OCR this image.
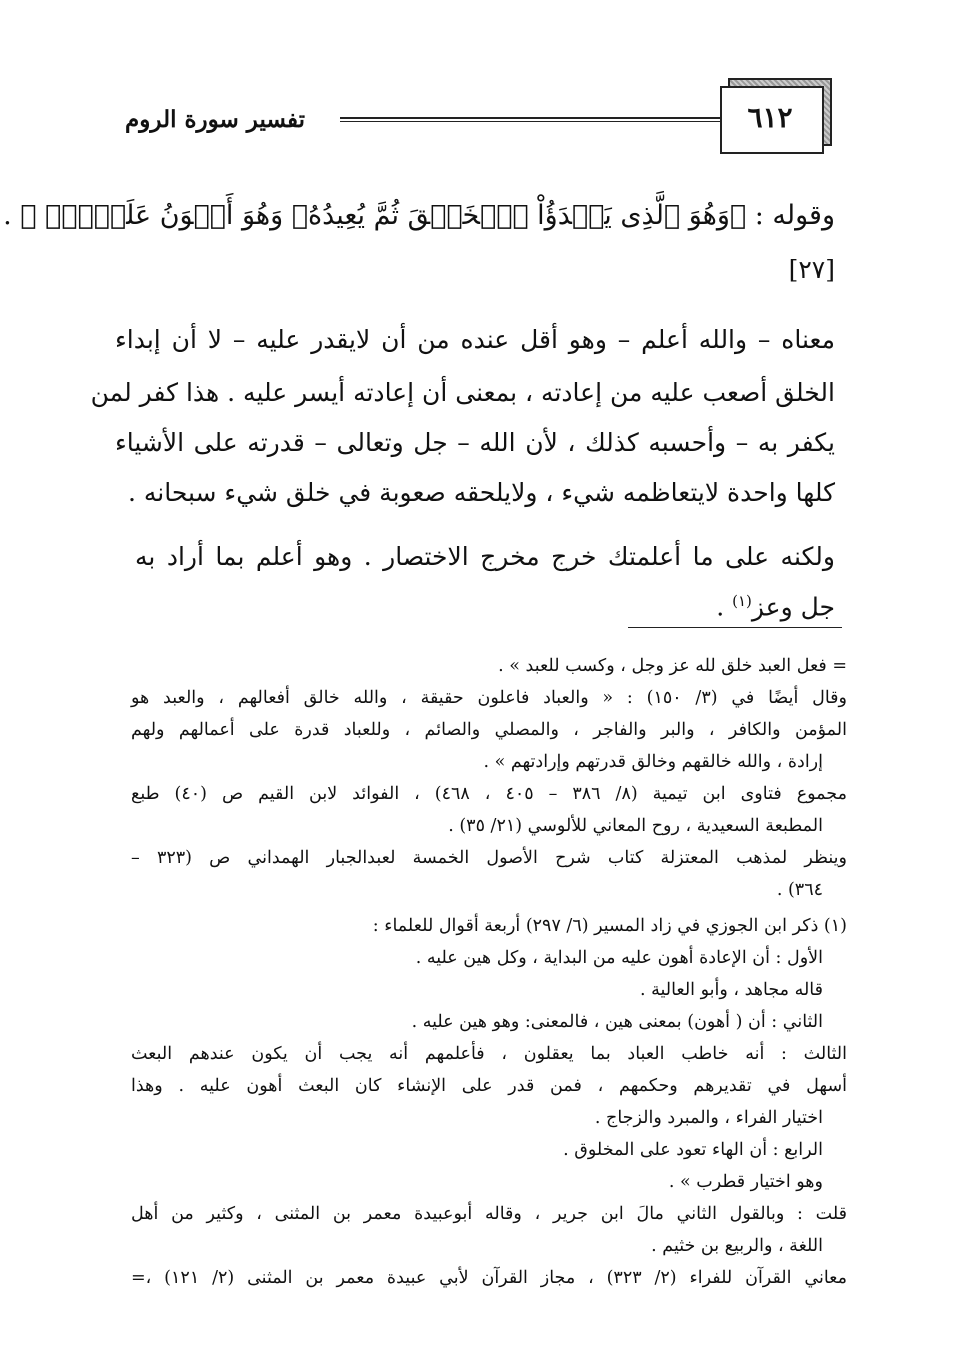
٦١٢
تفسير سورة الروم
وقوله : ﴿وَهُوَ ٱلَّذِى يَبۡدَؤُاْ ٱلۡخَلۡقَ ثُمَّ يُعِيدُهُۥ وَهُوَ أَهۡوَنُ عَلَيۡهِۚ ﴾ .
[٢٧]
معناه – والله أعلم – وهو أقل عنده من أن لايقدر عليه – لا أن إبداء
الخلق أصعب عليه من إعادته ، بمعنى أن إعادته أيسر عليه . هذا كفر لمن
يكفر به – وأحسبه كذلك ، لأن الله – جل وتعالى – قدرته على الأشياء
كلها واحدة لايتعاظمه شيء ، ولايلحقه صعوبة في خلق شيء سبحانه .
ولكنه على ما أعلمتك خرج مخرج الاختصار . وهو أعلم بما أراد به
جل وعز$^{(١)}$ .
= فعل العبد خلق لله عز وجل ، وكسب للعبد » .
وقال أيضًا في (٣/ ١٥٠) : « والعباد فاعلون حقيقة ، والله خالق أفعالهم ، والعبد هو
المؤمن والكافر ، والبر والفاجر ، والمصلي والصائم ، وللعباد قدرة على أعمالهم ولهم
إرادة ، والله خالقهم وخالق قدرتهم وإرادتهم » .
مجموع فتاوى ابن تيمية (٨/ ٣٨٦ – ٤٠٥ ، ٤٦٨) ، الفوائد لابن القيم ص (٤٠) طبع
المطبعة السعيدية ، روح المعاني للألوسي (٢١/ ٣٥) .
وينظر لمذهب المعتزلة كتاب شرح الأصول الخمسة لعبدالجبار الهمداني ص (٣٢٣ –
٣٦٤) .
(١) ذكر ابن الجوزي في زاد المسير (٦/ ٢٩٧) أربعة أقوال للعلماء :
الأول : أن الإعادة أهون عليه من البداية ، وكل هين عليه .
قاله مجاهد ، وأبو العالية .
الثاني : أن ( أهون) بمعنى هين ، فالمعنى: وهو هين عليه .
الثالث : أنه خاطب العباد بما يعقلون ، فأعلمهم أنه يجب أن يكون عندهم البعث
أسهل في تقديرهم وحكمهم ، فمن قدر على الإنشاء كان البعث أهون عليه . وهذا
اختيار الفراء ، والمبرد والزجاج .
الرابع : أن الهاء تعود على المخلوق .
وهو اختيار قطرب » .
قلت : وبالقول الثاني مالَ ابن جرير ، وقاله أبوعبيدة معمر بن المثنى ، وكثير من أهل
اللغة ، والربيع بن خثيم .
معاني القرآن للفراء (٢/ ٣٢٣) ، مجاز القرآن لأبي عبيدة معمر بن المثنى (٢/ ١٢١) ،=
